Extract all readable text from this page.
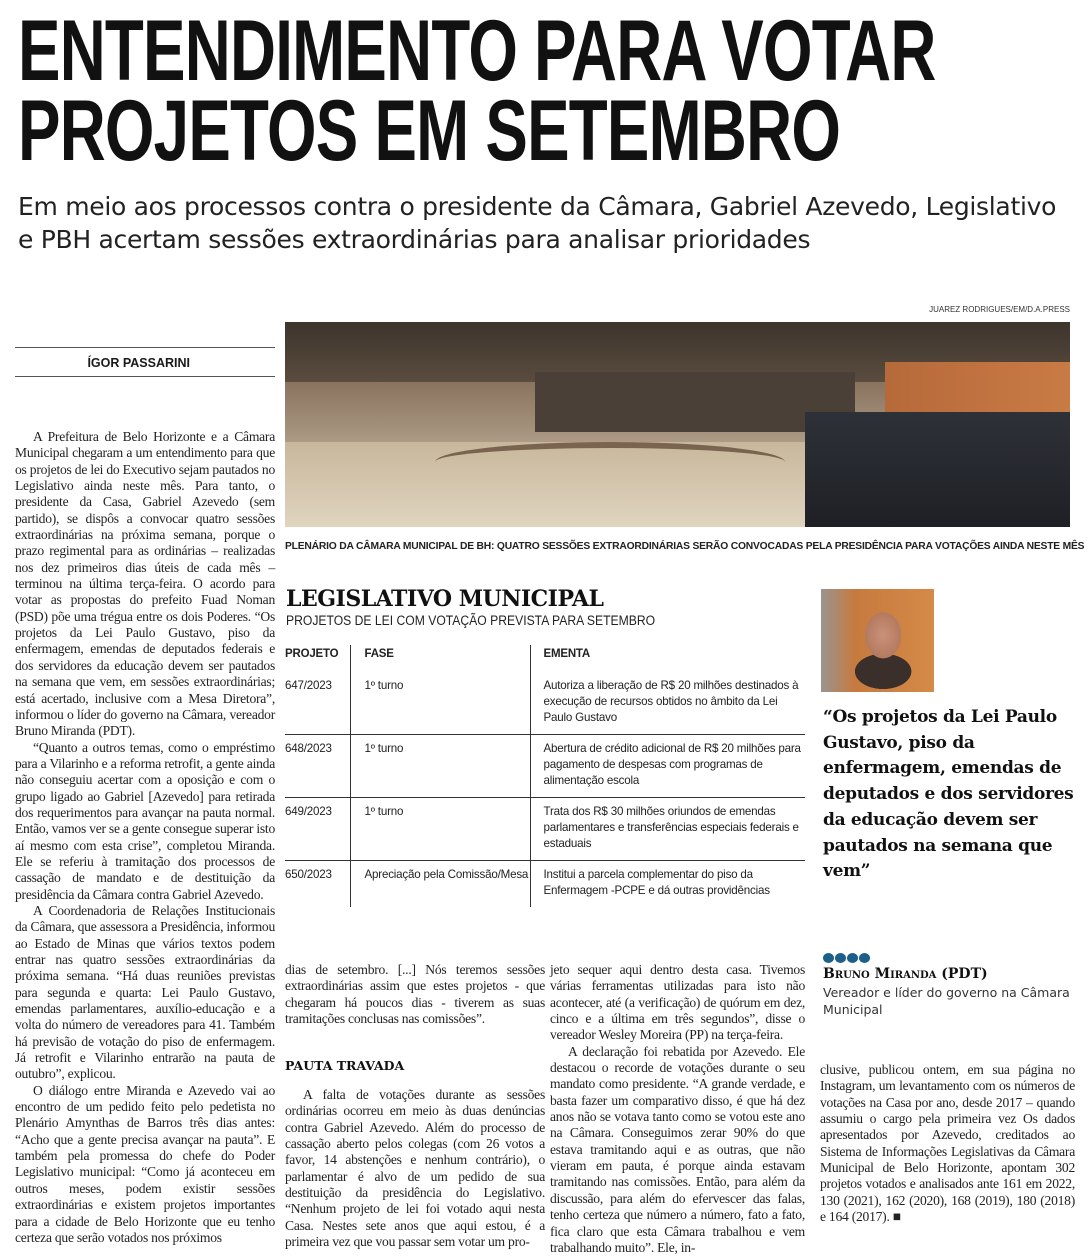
ENTENDIMENTO PARA VOTAR
PROJETOS EM SETEMBRO
Em meio aos processos contra o presidente da Câmara, Gabriel Azevedo, Legislativo e PBH acertam sessões extraordinárias para analisar prioridades
ÍGOR PASSARINI

A Prefeitura de Belo Horizonte e a Câmara Municipal chegaram a um entendimento para que os projetos de lei do Executivo sejam pautados no Legislativo ainda neste mês. Para tanto, o presidente da Casa, Gabriel Azevedo (sem partido), se dispôs a convocar quatro sessões extraordinárias na próxima semana, porque o prazo regimental para as ordinárias – realizadas nos dez primeiros dias úteis de cada mês – terminou na última terça-feira. O acordo para votar as propostas do prefeito Fuad Noman (PSD) põe uma trégua entre os dois Poderes. “Os projetos da Lei Paulo Gustavo, piso da enfermagem, emendas de deputados federais e dos servidores da educação devem ser pautados na semana que vem, em sessões extraordinárias; está acertado, inclusive com a Mesa Diretora”, informou o líder do governo na Câmara, vereador Bruno Miranda (PDT).

“Quanto a outros temas, como o empréstimo para a Vilarinho e a reforma retrofit, a gente ainda não conseguiu acertar com a oposição e com o grupo ligado ao Gabriel [Azevedo] para retirada dos requerimentos para avançar na pauta normal. Então, vamos ver se a gente consegue superar isto aí mesmo com esta crise”, completou Miranda. Ele se referiu à tramitação dos processos de cassação de mandato e de destituição da presidência da Câmara contra Gabriel Azevedo.

A Coordenadoria de Relações Institucionais da Câmara, que assessora a Presidência, informou ao Estado de Minas que vários textos podem entrar nas quatro sessões extraordinárias da próxima semana. “Há duas reuniões previstas para segunda e quarta: Lei Paulo Gustavo, emendas parlamentares, auxílio-educação e a volta do número de vereadores para 41. Também há previsão de votação do piso de enfermagem. Já retrofit e Vilarinho entrarão na pauta de outubro”, explicou.

O diálogo entre Miranda e Azevedo vai ao encontro de um pedido feito pelo pedetista no Plenário Amynthas de Barros três dias antes: “Acho que a gente precisa avançar na pauta”. E também pela promessa do chefe do Poder Legislativo municipal: “Como já aconteceu em outros meses, podem existir sessões extraordinárias e existem projetos importantes para a cidade de Belo Horizonte que eu tenho certeza que serão votados nos próximos

JUAREZ RODRIGUES/EM/D.A.PRESS
PLENÁRIO DA CÂMARA MUNICIPAL DE BH: QUATRO SESSÕES EXTRAORDINÁRIAS SERÃO CONVOCADAS PELA PRESIDÊNCIA PARA VOTAÇÕES AINDA NESTE MÊS
LEGISLATIVO MUNICIPAL
PROJETOS DE LEI COM VOTAÇÃO PREVISTA PARA SETEMBRO
PROJETO	FASE	EMENTA
647/2023	1º turno	Autoriza a liberação de R$ 20 milhões destinados à execução de recursos obtidos no âmbito da Lei Paulo Gustavo
648/2023	1º turno	Abertura de crédito adicional de R$ 20 milhões para pagamento de despesas com programas de alimentação escola
649/2023	1º turno	Trata dos R$ 30 milhões oriundos de emendas parlamentares e transferências especiais federais e estaduais
650/2023	Apreciação pela Comissão/Mesa	Institui a parcela complementar do piso da Enfermagem -PCPE e dá outras providências
“Os projetos da Lei Paulo Gustavo, piso da enfermagem, emendas de deputados e dos servidores da educação devem ser pautados na semana que vem”
Bruno Miranda (PDT)
Vereador e líder do governo na Câmara Municipal

dias de setembro. [...] Nós teremos sessões extraordinárias assim que estes projetos - que chegaram há poucos dias - tiverem as suas tramitações conclusas nas comissões”.

PAUTA TRAVADA

A falta de votações durante as sessões ordinárias ocorreu em meio às duas denúncias contra Gabriel Azevedo. Além do processo de cassação aberto pelos colegas (com 26 votos a favor, 14 abstenções e nenhum contrário), o parlamentar é alvo de um pedido de sua destituição da presidência do Legislativo. “Nenhum projeto de lei foi votado aqui nesta Casa. Nestes sete anos que aqui estou, é a primeira vez que vou passar sem votar um pro-

jeto sequer aqui dentro desta casa. Tivemos várias ferramentas utilizadas para isto não acontecer, até (a verificação) de quórum em dez, cinco e a última em três segundos”, disse o vereador Wesley Moreira (PP) na terça-feira.

A declaração foi rebatida por Azevedo. Ele destacou o recorde de votações durante o seu mandato como presidente. “A grande verdade, e basta fazer um comparativo disso, é que há dez anos não se votava tanto como se votou este ano na Câmara. Conseguimos zerar 90% do que estava tramitando aqui e as outras, que não vieram em pauta, é porque ainda estavam tramitando nas comissões. Então, para além da discussão, para além do efervescer das falas, tenho certeza que número a número, fato a fato, fica claro que esta Câmara trabalhou e vem trabalhando muito”. Ele, in-

clusive, publicou ontem, em sua página no Instagram, um levantamento com os números de votações na Casa por ano, desde 2017 – quando assumiu o cargo pela primeira vez Os dados apresentados por Azevedo, creditados ao Sistema de Informações Legislativas da Câmara Municipal de Belo Horizonte, apontam 302 projetos votados e analisados ante 161 em 2022, 130 (2021), 162 (2020), 168 (2019), 180 (2018) e 164 (2017). ■
